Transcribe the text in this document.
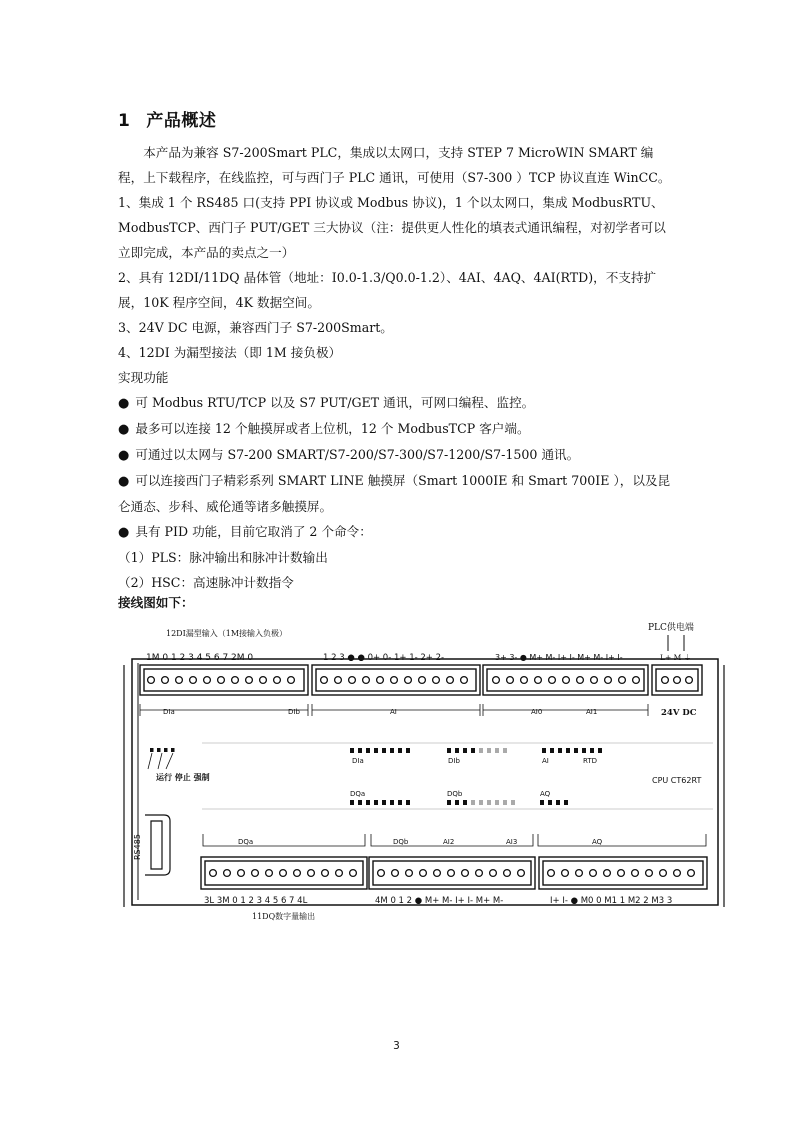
1 产品概述

本产品为兼容 S7-200Smart PLC，集成以太网口，支持 STEP 7 MicroWIN SMART 编程，上下载程序，在线监控，可与西门子 PLC 通讯，可使用（S7-300 ）TCP 协议直连 WinCC。

1、集成 1 个 RS485 口(支持 PPI 协议或 Modbus 协议)，1 个以太网口，集成 ModbusRTU、ModbusTCP、西门子 PUT/GET 三大协议（注：提供更人性化的填表式通讯编程，对初学者可以立即完成，本产品的卖点之一）

2、具有 12DI/11DQ 晶体管（地址：I0.0-1.3/Q0.0-1.2）、4AI、4AQ、4AI(RTD)，不支持扩展，10K 程序空间，4K 数据空间。

3、24V DC 电源，兼容西门子 S7-200Smart。

4、12DI 为漏型接法（即 1M 接负极）

实现功能

● 可 Modbus RTU/TCP 以及 S7 PUT/GET 通讯，可网口编程、监控。

● 最多可以连接 12 个触摸屏或者上位机，12 个 ModbusTCP 客户端。

● 可通过以太网与 S7-200 SMART/S7-200/S7-300/S7-1200/S7-1500 通讯。

● 可以连接西门子精彩系列 SMART LINE 触摸屏（Smart 1000IE 和 Smart 700IE ），以及昆仑通态、步科、威伦通等诸多触摸屏。

● 具有 PID 功能，目前它取消了 2 个命令：

（1）PLS：脉冲输出和脉冲计数输出

（2）HSC：高速脉冲计数指令

接线图如下：

12DI漏型输入（1M接输入负极）
PLC供电端
1M 0 1 2 3 4 5 6 7 2M 0	1 2 3 ● ● 0+ 0- 1+ 1- 2+ 2-	3+ 3- ● M+ M- I+ I- M+ M- I+ I-	L+ M ⏚
DIa	DIb	AI	AI0	AI1	24V DC
运行 停止 强制
DIa	DIb	AI	RTD
CPU CT62RT
DQa	DQb	AQ
RS485	DQa	DQb	AI2	AI3	AQ
3L 3M 0 1 2 3 4 5 6 7 4L	4M 0 1 2 ● M+ M- I+ I- M+ M-	I+ I- ● M0 0 M1 1 M2 2 M3 3
11DQ数字量输出
3
